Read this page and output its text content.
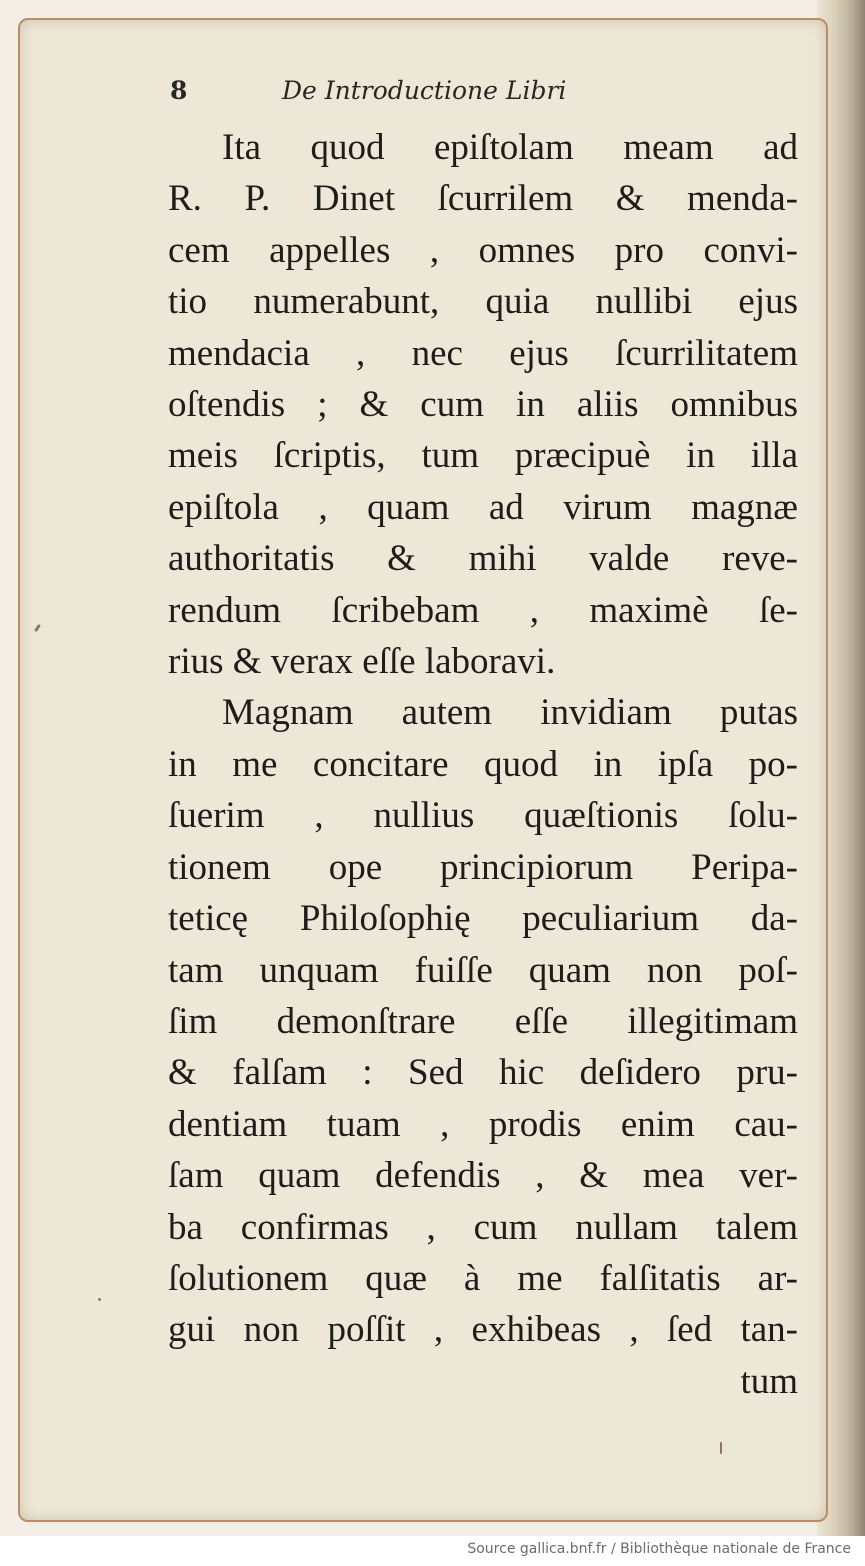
8	De Introductione Libri
Ita quod epiſtolam meam ad
R. P. Dinet ſcurrilem & menda-
cem appelles , omnes pro convi-
tio numerabunt, quia nullibi ejus
mendacia , nec ejus ſcurrilitatem
oſtendis ; & cum in aliis omnibus
meis ſcriptis, tum præcipuè in illa
epiſtola , quam ad virum magnæ
authoritatis & mihi valde reve-
rendum ſcribebam , maximè ſe-
rius & verax eſſe laboravi.
Magnam autem invidiam putas
in me concitare quod in ipſa po-
ſuerim , nullius quæſtionis ſolu-
tionem ope principiorum Peripa-
teticę Philoſophię peculiarium da-
tam unquam fuiſſe quam non poſ-
ſim demonſtrare eſſe illegitimam
& falſam : Sed hic deſidero pru-
dentiam tuam , prodis enim cau-
ſam quam defendis , & mea ver-
ba confirmas , cum nullam talem
ſolutionem quæ à me falſitatis ar-
gui non poſſit , exhibeas , ſed tan-
tum
Source gallica.bnf.fr / Bibliothèque nationale de France
